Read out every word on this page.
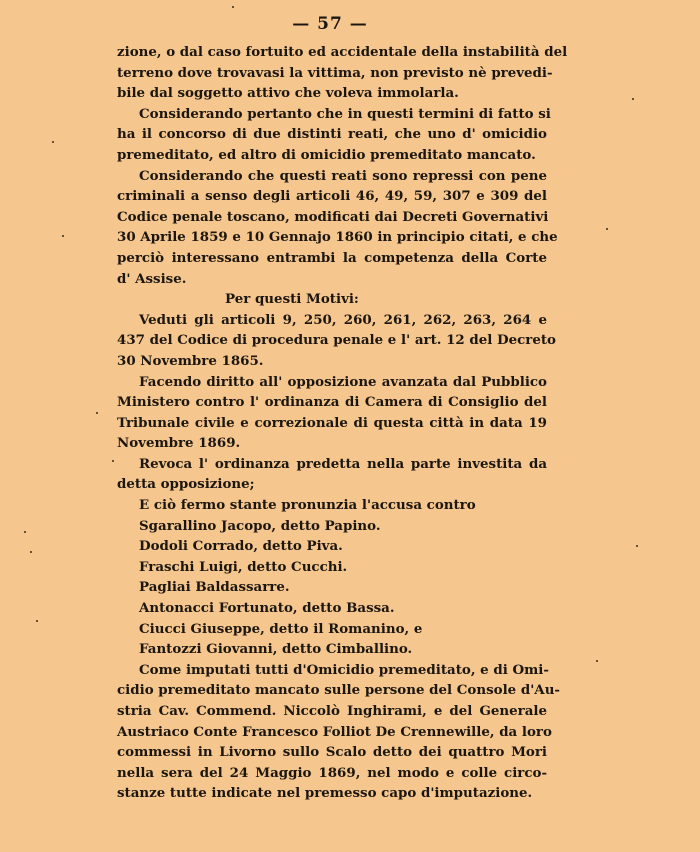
— 57 —
zione, o dal caso fortuito ed accidentale della instabilità del
terreno dove trovavasi la vittima, non previsto nè prevedi-
bile dal soggetto attivo che voleva immolarla.
Considerando pertanto che in questi termini di fatto si
ha il concorso di due distinti reati, che uno d' omicidio
premeditato, ed altro di omicidio premeditato mancato.
Considerando che questi reati sono repressi con pene
criminali a senso degli articoli 46, 49, 59, 307 e 309 del
Codice penale toscano, modificati dai Decreti Governativi
30 Aprile 1859 e 10 Gennajo 1860 in principio citati, e che
perciò interessano entrambi la competenza della Corte
d' Assise.
Per questi Motivi:
Veduti gli articoli 9, 250, 260, 261, 262, 263, 264 e
437 del Codice di procedura penale e l' art. 12 del Decreto
30 Novembre 1865.
Facendo diritto all' opposizione avanzata dal Pubblico
Ministero contro l' ordinanza di Camera di Consiglio del
Tribunale civile e correzionale di questa città in data 19
Novembre 1869.
Revoca l' ordinanza predetta nella parte investita da
detta opposizione;
E ciò fermo stante pronunzia l'accusa contro
Sgarallino Jacopo, detto Papino.
Dodoli Corrado, detto Piva.
Fraschi Luigi, detto Cucchi.
Pagliai Baldassarre.
Antonacci Fortunato, detto Bassa.
Ciucci Giuseppe, detto il Romanino, e
Fantozzi Giovanni, detto Cimballino.
Come imputati tutti d'Omicidio premeditato, e di Omi-
cidio premeditato mancato sulle persone del Console d'Au-
stria Cav. Commend. Niccolò Inghirami, e del Generale
Austriaco Conte Francesco Folliot De Crennewille, da loro
commessi in Livorno sullo Scalo detto dei quattro Mori
nella sera del 24 Maggio 1869, nel modo e colle circo-
stanze tutte indicate nel premesso capo d'imputazione.
